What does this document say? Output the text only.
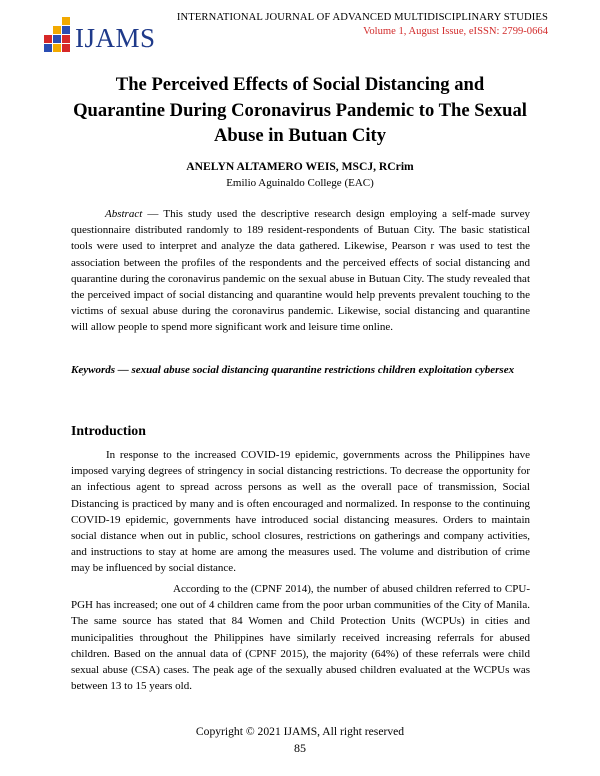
IJAMS
INTERNATIONAL JOURNAL OF ADVANCED MULTIDISCIPLINARY STUDIES
Volume 1, August Issue, eISSN: 2799-0664
The Perceived Effects of Social Distancing and Quarantine During Coronavirus Pandemic to The Sexual Abuse in Butuan City
ANELYN ALTAMERO WEIS, MSCJ, RCrim
Emilio Aguinaldo College (EAC)

Abstract — This study used the descriptive research design employing a self-made survey questionnaire distributed randomly to 189 resident-respondents of Butuan City. The basic statistical tools were used to interpret and analyze the data gathered. Likewise, Pearson r was used to test the association between the profiles of the respondents and the perceived effects of social distancing and quarantine during the coronavirus pandemic on the sexual abuse in Butuan City. The study revealed that the perceived impact of social distancing and quarantine would help prevents prevalent touching to the victims of sexual abuse during the coronavirus pandemic. Likewise, social distancing and quarantine will allow people to spend more significant work and leisure time online.

Keywords — sexual abuse social distancing quarantine restrictions children exploitation cybersex

Introduction

In response to the increased COVID-19 epidemic, governments across the Philippines have imposed varying degrees of stringency in social distancing restrictions. To decrease the opportunity for an infectious agent to spread across persons as well as the overall pace of transmission, Social Distancing is practiced by many and is often encouraged and normalized. In response to the continuing COVID-19 epidemic, governments have introduced social distancing measures. Orders to maintain social distance when out in public, school closures, restrictions on gatherings and company activities, and instructions to stay at home are among the measures used. The volume and distribution of crime may be influenced by social distance.

According to the (CPNF 2014), the number of abused children referred to CPU-PGH has increased; one out of 4 children came from the poor urban communities of the City of Manila. The same source has stated that 84 Women and Child Protection Units (WCPUs) in cities and municipalities throughout the Philippines have similarly received increasing referrals for abused children. Based on the annual data of (CPNF 2015), the majority (64%) of these referrals were child sexual abuse (CSA) cases. The peak age of the sexually abused children evaluated at the WCPUs was between 13 to 15 years old.

Copyright © 2021 IJAMS, All right reserved
85
